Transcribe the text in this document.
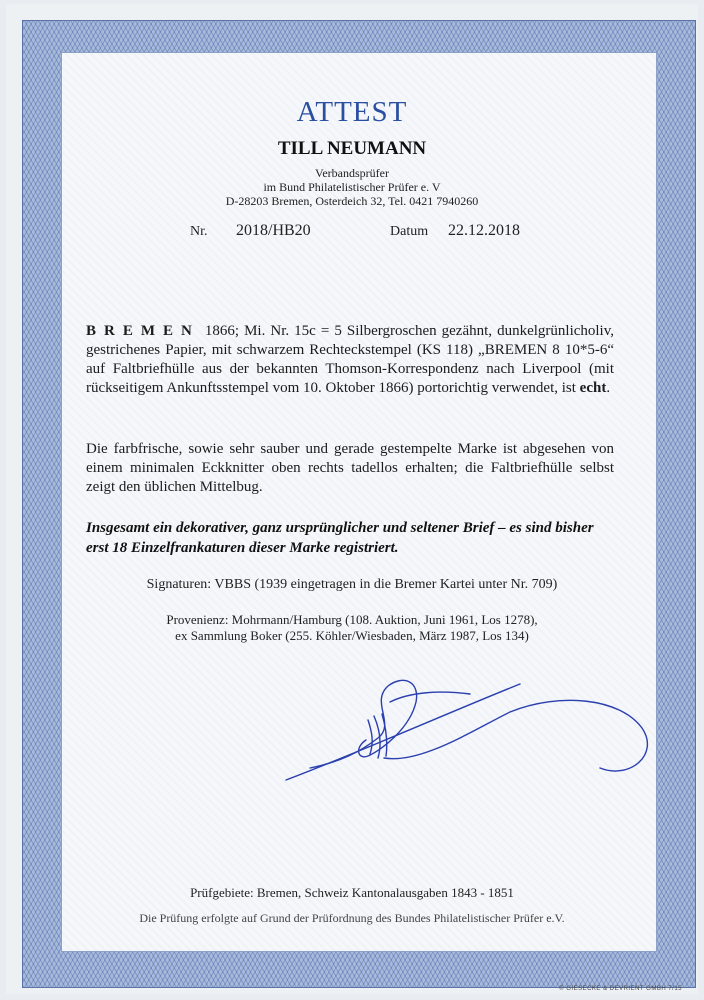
ATTEST
TILL NEUMANN
Verbandsprüfer
im Bund Philatelistischer Prüfer e. V
D-28203 Bremen, Osterdeich 32, Tel. 0421 7940260
Nr. 2018/HB20	Datum 22.12.2018
BREMEN 1866; Mi. Nr. 15c = 5 Silbergroschen gezähnt, dunkelgrünlicholiv, gestrichenes Papier, mit schwarzem Rechteckstempel (KS 118) „BREMEN 8 10*5-6“ auf Faltbriefhülle aus der bekannten Thomson-Korrespondenz nach Liverpool (mit rückseitigem Ankunftsstempel vom 10. Oktober 1866) portorichtig verwendet, ist echt.
Die farbfrische, sowie sehr sauber und gerade gestempelte Marke ist abgesehen von einem minimalen Eckknitter oben rechts tadellos erhalten; die Faltbriefhülle selbst zeigt den üblichen Mittelbug.
Insgesamt ein dekorativer, ganz ursprünglicher und seltener Brief – es sind bisher erst 18 Einzelfrankaturen dieser Marke registriert.
Signaturen: VBBS (1939 eingetragen in die Bremer Kartei unter Nr. 709)
Provenienz: Mohrmann/Hamburg (108. Auktion, Juni 1961, Los 1278),
ex Sammlung Boker (255. Köhler/Wiesbaden, März 1987, Los 134)
Prüfgebiete: Bremen, Schweiz Kantonalausgaben 1843 - 1851
Die Prüfung erfolgte auf Grund der Prüfordnung des Bundes Philatelistischer Prüfer e.V.
© GIESECKE & DEVRIENT GMBH 7/15
